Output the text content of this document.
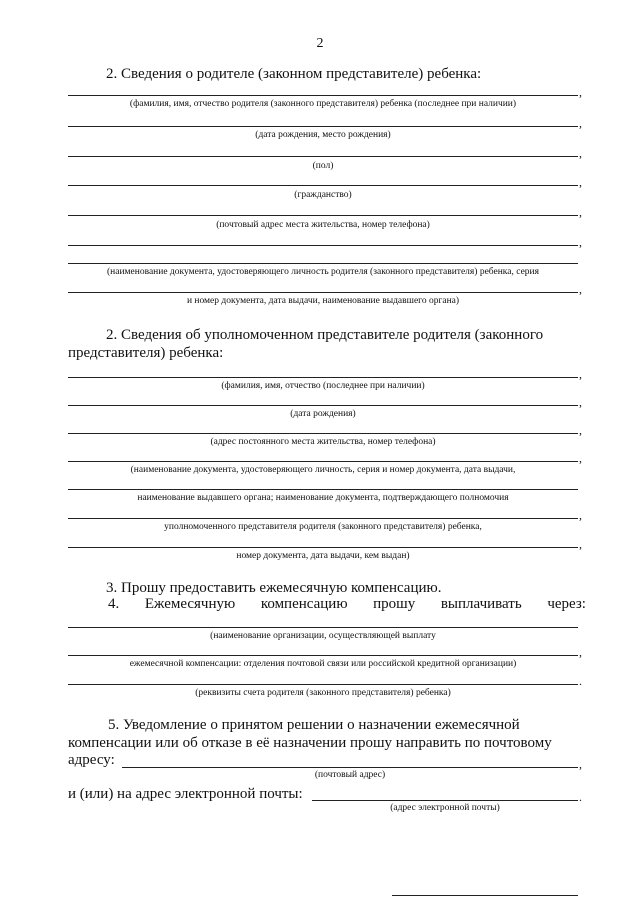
2
2. Сведения о родителе (законном представителе) ребенка:
,
(фамилия, имя, отчество родителя (законного представителя) ребенка (последнее при наличии)
,
(дата рождения, место рождения)
,
(пол)
,
(гражданство)
,
(почтовый адрес места жительства, номер телефона)
,
(наименование документа, удостоверяющего личность родителя (законного представителя) ребенка, серия
,
и номер документа, дата выдачи, наименование выдавшего органа)
2. Сведения об уполномоченном представителе родителя (законного
представителя) ребенка:
,
(фамилия, имя, отчество (последнее при наличии)
,
(дата рождения)
,
(адрес постоянного места жительства, номер телефона)
,
(наименование документа, удостоверяющего личность, серия и номер документа, дата выдачи,
наименование выдавшего органа; наименование документа, подтверждающего полномочия
,
уполномоченного представителя родителя (законного представителя) ребенка,
,
номер документа, дата выдачи, кем выдан)
3. Прошу предоставить ежемесячную компенсацию.
4. Ежемесячную компенсацию прошу выплачивать через:
(наименование организации, осуществляющей выплату
,
ежемесячной компенсации: отделения почтовой связи или российской кредитной организации)
.
(реквизиты счета родителя (законного представителя) ребенка)
5. Уведомление о принятом решении о назначении ежемесячной
компенсации или об отказе в её назначении прошу направить по почтовому
адресу:	,
(почтовый адрес)
и (или) на адрес электронной почты:	.
(адрес электронной почты)
